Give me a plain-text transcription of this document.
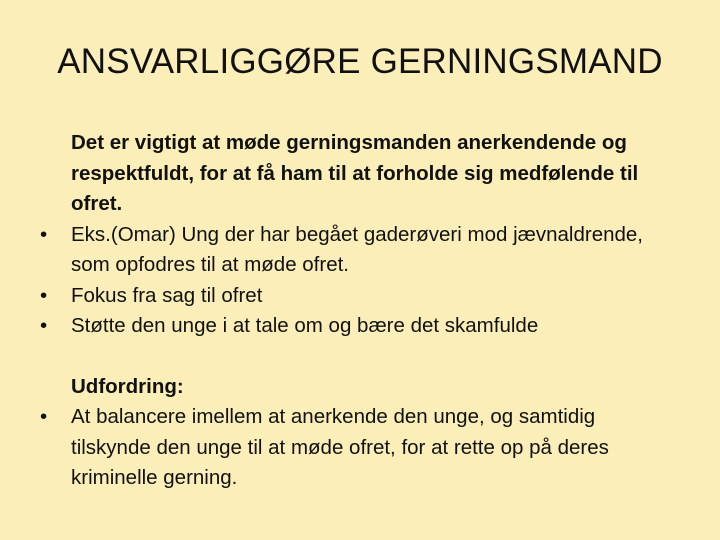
ANSVARLIGGØRE GERNINGSMAND

Det er vigtigt at møde gerningsmanden anerkendende og respektfuldt, for at få ham til at forholde sig medfølende til ofret.

•	Eks.(Omar) Ung der har begået gaderøveri mod jævnaldrende, som opfodres til at møde ofret.

•	Fokus fra sag til ofret

•	Støtte den unge i at tale om og bære det skamfulde

Udfordring:

•	At balancere imellem at anerkende den unge, og samtidig tilskynde den unge til at møde ofret, for at rette op på deres kriminelle gerning.
